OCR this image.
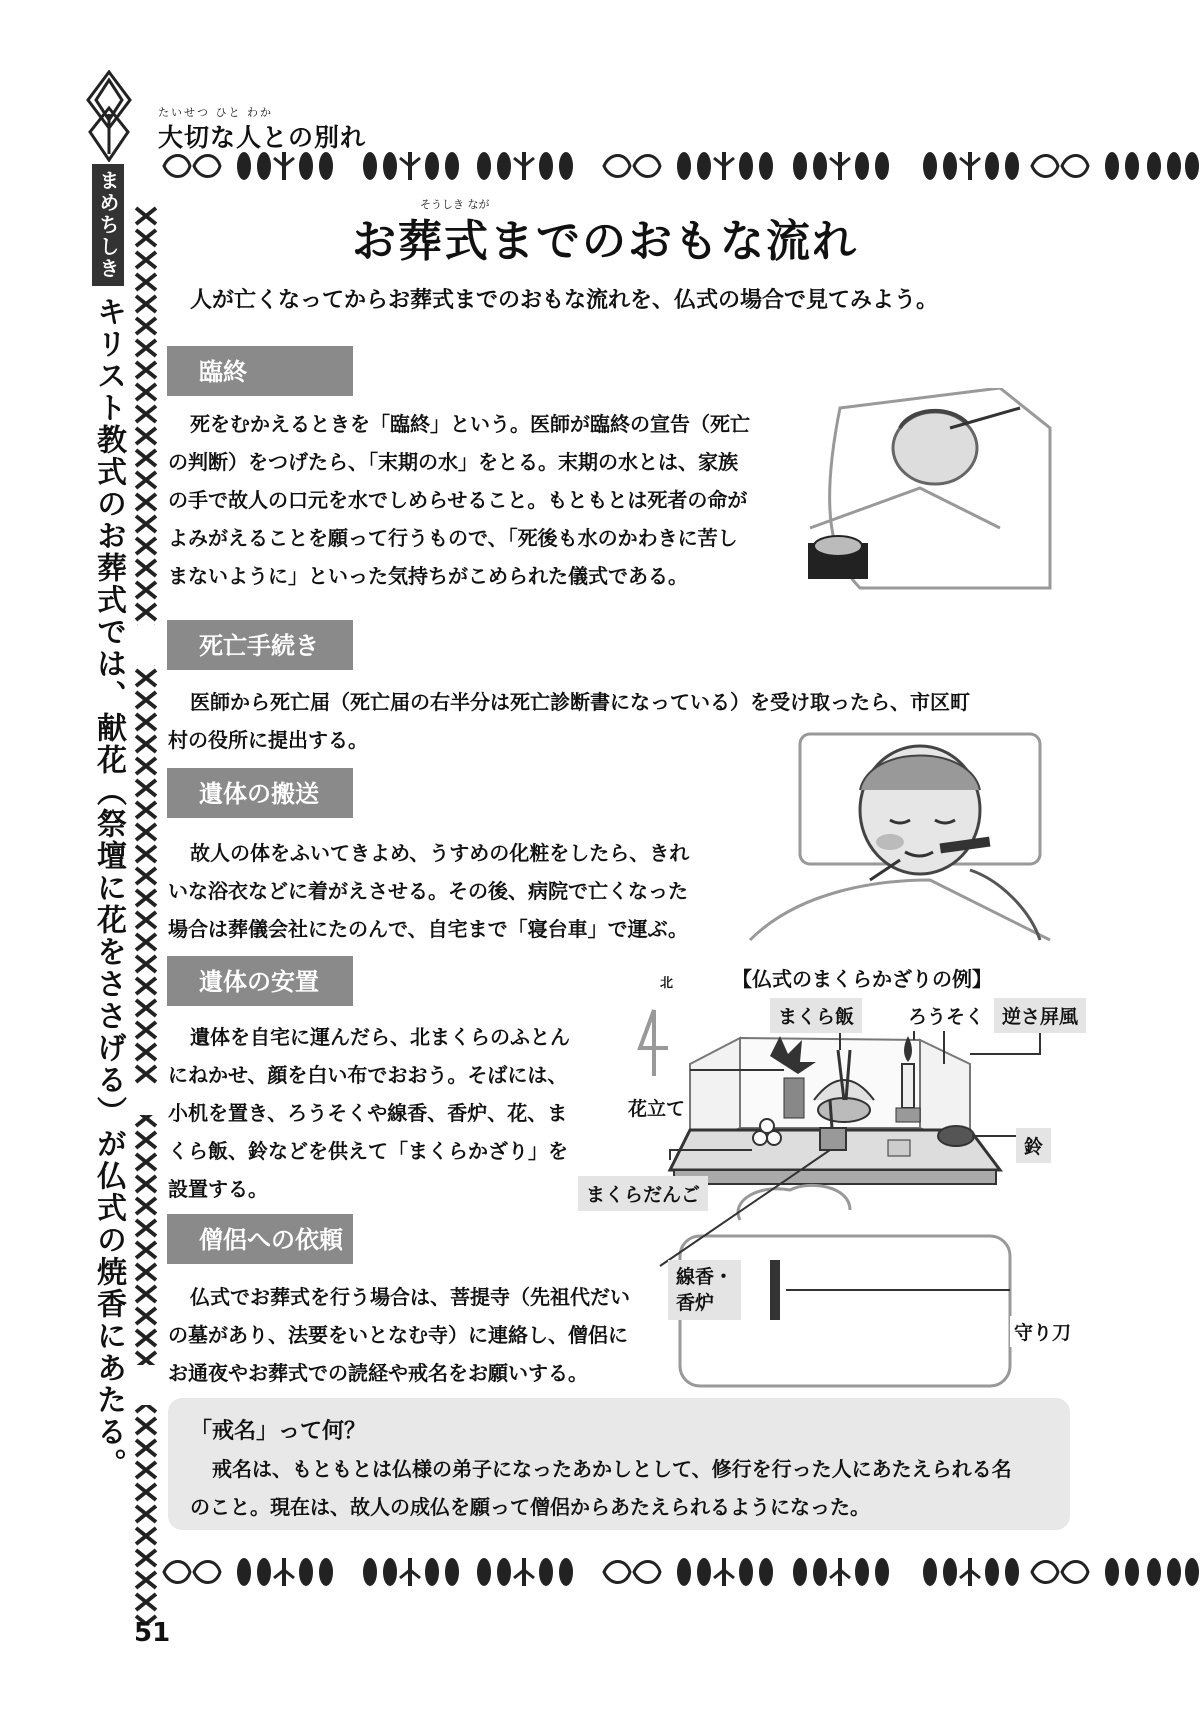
たいせつ ひと わか
大切な人との別れ
まめちしき
キリスト教式のお葬式では、献花（祭壇に花をささげる）が仏式の焼香にあたる。
そうしき なが
お葬式までのおもな流れ
人が亡くなってからお葬式までのおもな流れを、仏式の場合で見てみよう。
臨終
死をむかえるときを「臨終」という。医師が臨終の宣告（死亡
の判断）をつげたら、「末期の水」をとる。末期の水とは、家族
の手で故人の口元を水でしめらせること。もともとは死者の命が
よみがえることを願って行うもので、「死後も水のかわきに苦し
まないように」といった気持ちがこめられた儀式である。
死亡手続き
医師から死亡届（死亡届の右半分は死亡診断書になっている）を受け取ったら、市区町
村の役所に提出する。
遺体の搬送
故人の体をふいてきよめ、うすめの化粧をしたら、きれ
いな浴衣などに着がえさせる。その後、病院で亡くなった
場合は葬儀会社にたのんで、自宅まで「寝台車」で運ぶ。
遺体の安置
遺体を自宅に運んだら、北まくらのふとん
にねかせ、顔を白い布でおおう。そばには、
小机を置き、ろうそくや線香、香炉、花、ま
くら飯、鈴などを供えて「まくらかざり」を
設置する。
僧侶への依頼
仏式でお葬式を行う場合は、菩提寺（先祖代だい
の墓があり、法要をいとなむ寺）に連絡し、僧侶に
お通夜やお葬式での読経や戒名をお願いする。
【仏式のまくらかざりの例】
北
まくら飯	ろうそく 逆さ屏風
花立て
鈴
まくらだんご
線香・
香炉
守り刀
「戒名」って何？
戒名は、もともとは仏様の弟子になったあかしとして、修行を行った人にあたえられる名
のこと。現在は、故人の成仏を願って僧侶からあたえられるようになった。
51
